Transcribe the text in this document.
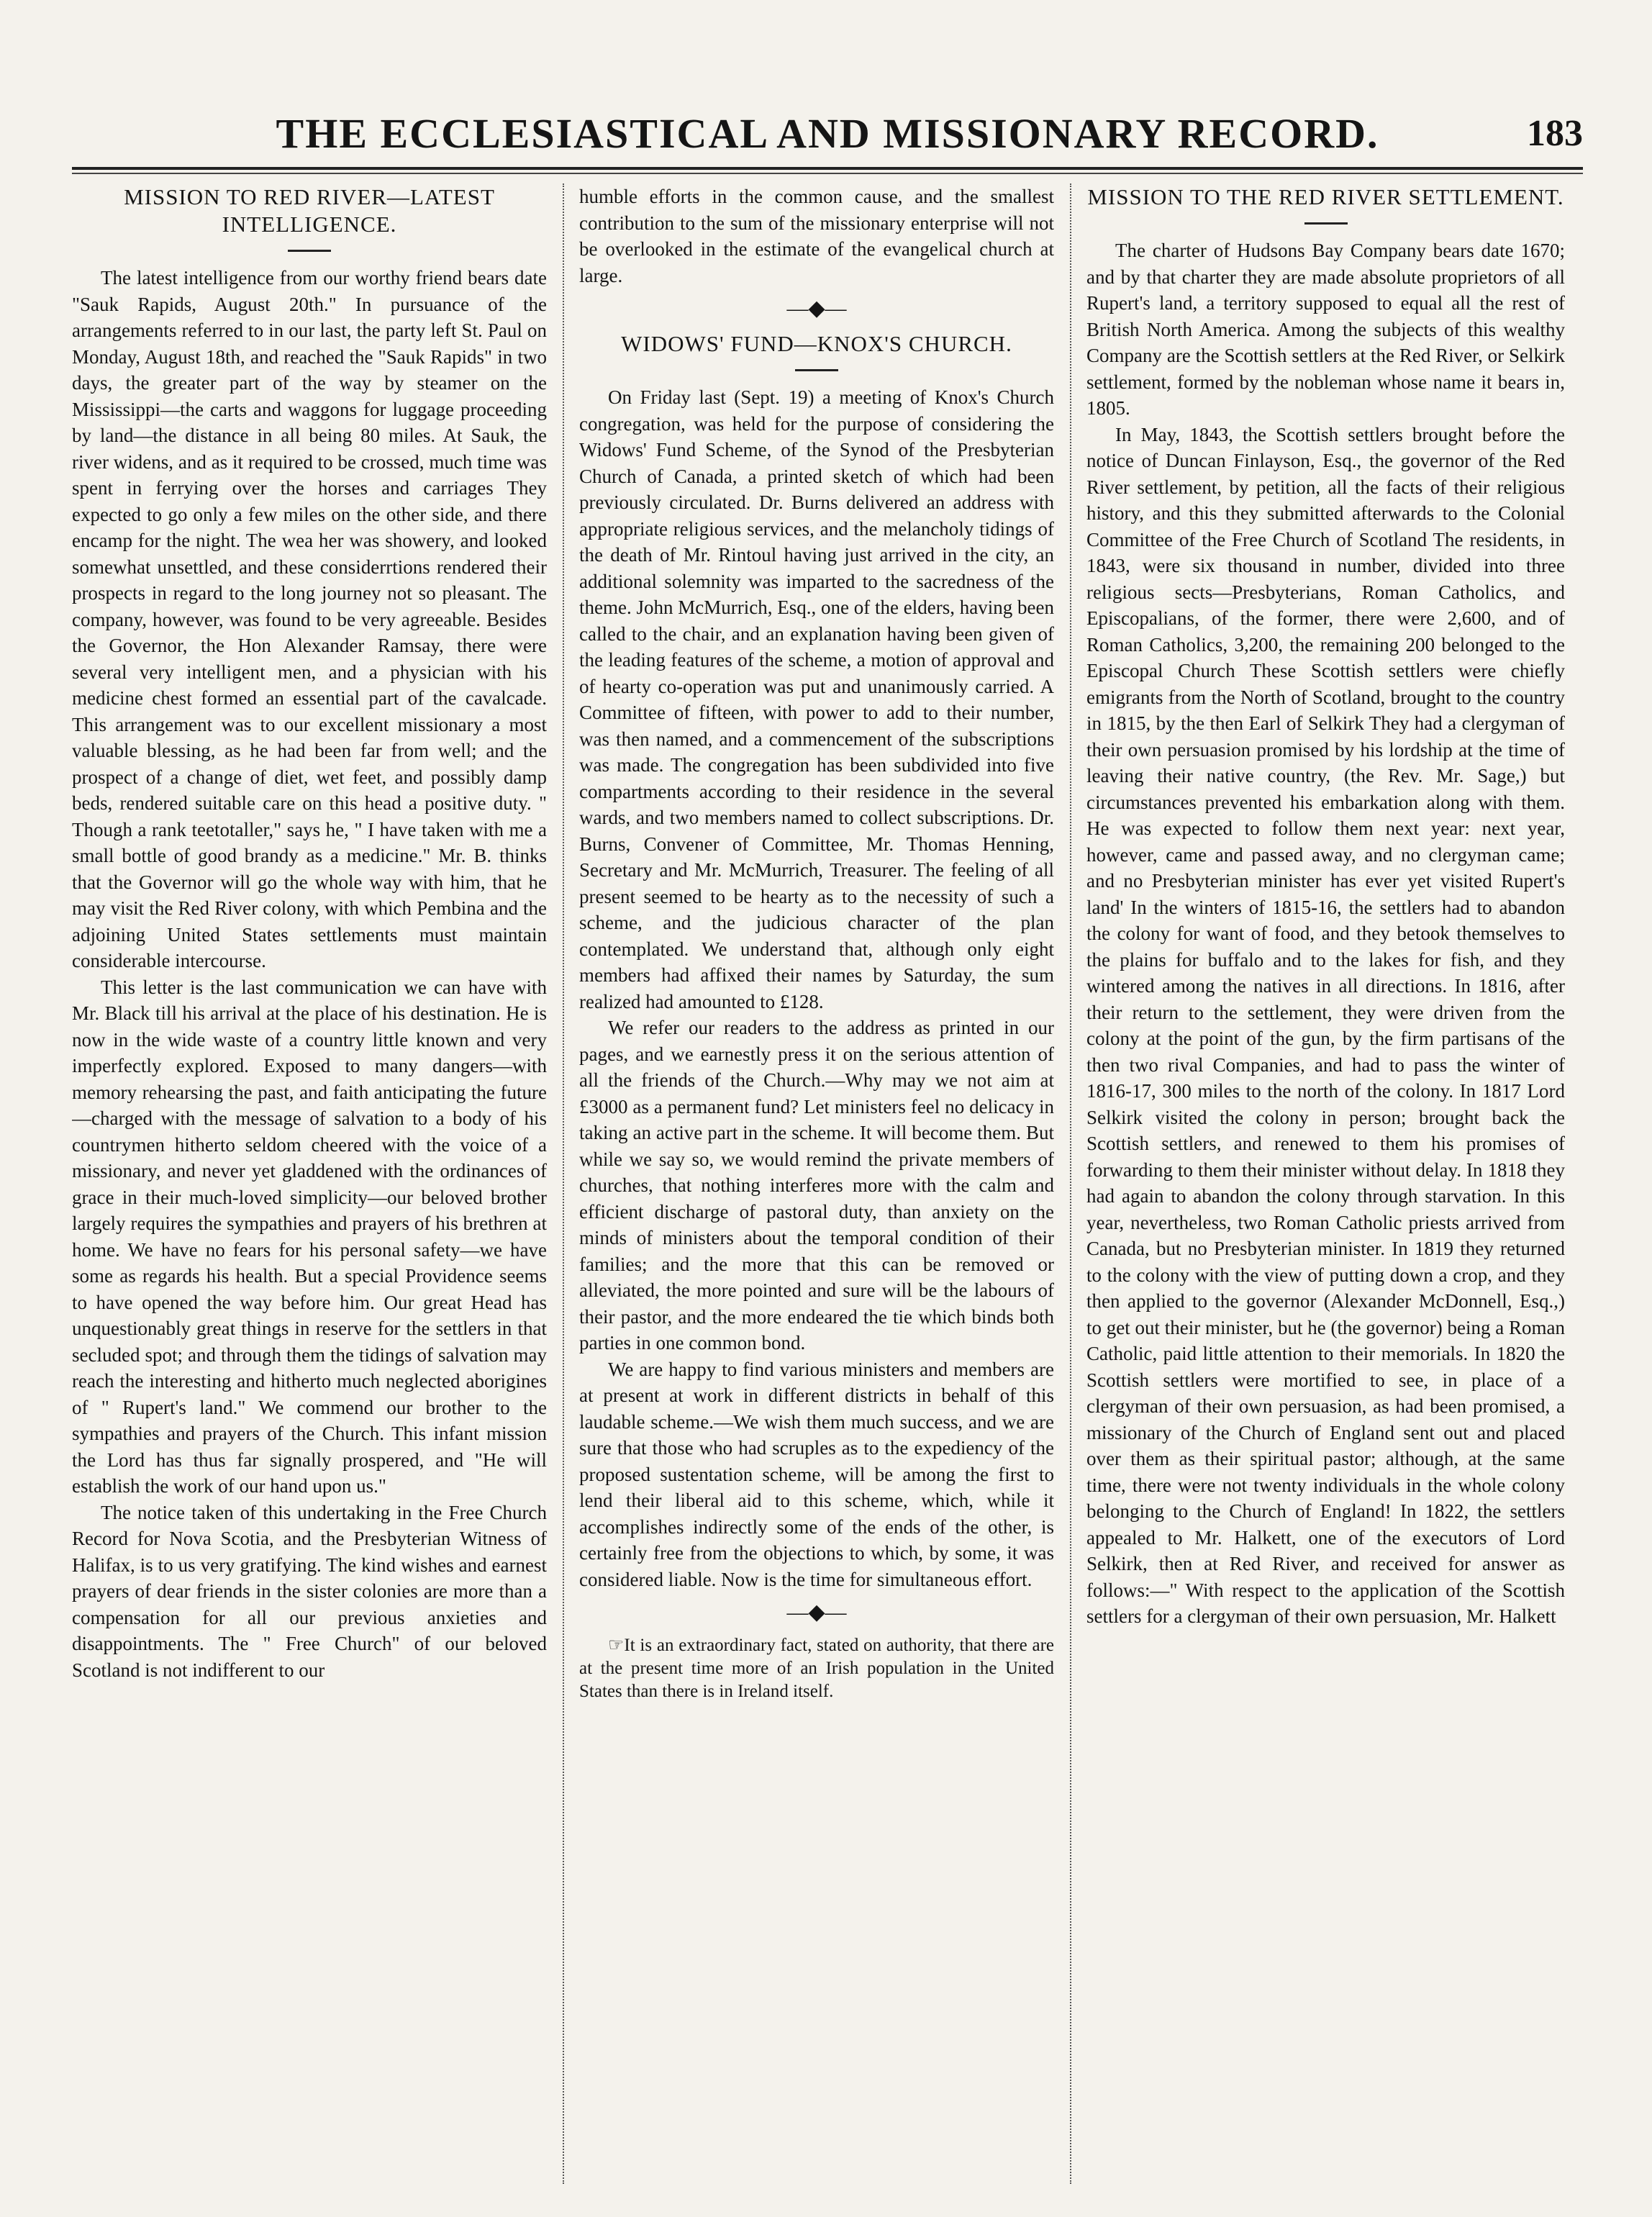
THE ECCLESIASTICAL AND MISSIONARY RECORD.	183
MISSION TO RED RIVER—LATEST INTELLIGENCE.

The latest intelligence from our worthy friend bears date "Sauk Rapids, August 20th." In pursuance of the arrangements referred to in our last, the party left St. Paul on Monday, August 18th, and reached the "Sauk Rapids" in two days, the greater part of the way by steamer on the Mississippi—the carts and waggons for luggage proceeding by land—the distance in all being 80 miles. At Sauk, the river widens, and as it required to be crossed, much time was spent in ferrying over the horses and carriages They expected to go only a few miles on the other side, and there encamp for the night. The wea her was showery, and looked somewhat unsettled, and these considerrtions rendered their prospects in regard to the long journey not so pleasant. The company, however, was found to be very agreeable. Besides the Governor, the Hon Alexander Ramsay, there were several very intelligent men, and a physician with his medicine chest formed an essential part of the cavalcade. This arrangement was to our excellent missionary a most valuable blessing, as he had been far from well; and the prospect of a change of diet, wet feet, and possibly damp beds, rendered suitable care on this head a positive duty. " Though a rank teetotaller," says he, " I have taken with me a small bottle of good brandy as a medicine." Mr. B. thinks that the Governor will go the whole way with him, that he may visit the Red River colony, with which Pembina and the adjoining United States settlements must maintain considerable intercourse.

This letter is the last communication we can have with Mr. Black till his arrival at the place of his destination. He is now in the wide waste of a country little known and very imperfectly explored. Exposed to many dangers—with memory rehearsing the past, and faith anticipating the future—charged with the message of salvation to a body of his countrymen hitherto seldom cheered with the voice of a missionary, and never yet gladdened with the ordinances of grace in their much-loved simplicity—our beloved brother largely requires the sympathies and prayers of his brethren at home. We have no fears for his personal safety—we have some as regards his health. But a special Providence seems to have opened the way before him. Our great Head has unquestionably great things in reserve for the settlers in that secluded spot; and through them the tidings of salvation may reach the interesting and hitherto much neglected aborigines of " Rupert's land." We commend our brother to the sympathies and prayers of the Church. This infant mission the Lord has thus far signally prospered, and "He will establish the work of our hand upon us."

The notice taken of this undertaking in the Free Church Record for Nova Scotia, and the Presbyterian Witness of Halifax, is to us very gratifying. The kind wishes and earnest prayers of dear friends in the sister colonies are more than a compensation for all our previous anxieties and disappointments. The " Free Church" of our beloved Scotland is not indifferent to our

humble efforts in the common cause, and the smallest contribution to the sum of the missionary enterprise will not be overlooked in the estimate of the evangelical church at large.

—◆—
WIDOWS' FUND—KNOX'S CHURCH.

On Friday last (Sept. 19) a meeting of Knox's Church congregation, was held for the purpose of considering the Widows' Fund Scheme, of the Synod of the Presbyterian Church of Canada, a printed sketch of which had been previously circulated. Dr. Burns delivered an address with appropriate religious services, and the melancholy tidings of the death of Mr. Rintoul having just arrived in the city, an additional solemnity was imparted to the sacredness of the theme. John McMurrich, Esq., one of the elders, having been called to the chair, and an explanation having been given of the leading features of the scheme, a motion of approval and of hearty co-operation was put and unanimously carried. A Committee of fifteen, with power to add to their number, was then named, and a commencement of the subscriptions was made. The congregation has been subdivided into five compartments according to their residence in the several wards, and two members named to collect subscriptions. Dr. Burns, Convener of Committee, Mr. Thomas Henning, Secretary and Mr. McMurrich, Treasurer. The feeling of all present seemed to be hearty as to the necessity of such a scheme, and the judicious character of the plan contemplated. We understand that, although only eight members had affixed their names by Saturday, the sum realized had amounted to £128.

We refer our readers to the address as printed in our pages, and we earnestly press it on the serious attention of all the friends of the Church.—Why may we not aim at £3000 as a permanent fund? Let ministers feel no delicacy in taking an active part in the scheme. It will become them. But while we say so, we would remind the private members of churches, that nothing interferes more with the calm and efficient discharge of pastoral duty, than anxiety on the minds of ministers about the temporal condition of their families; and the more that this can be removed or alleviated, the more pointed and sure will be the labours of their pastor, and the more endeared the tie which binds both parties in one common bond.

We are happy to find various ministers and members are at present at work in different districts in behalf of this laudable scheme.—We wish them much success, and we are sure that those who had scruples as to the expediency of the proposed sustentation scheme, will be among the first to lend their liberal aid to this scheme, which, while it accomplishes indirectly some of the ends of the other, is certainly free from the objections to which, by some, it was considered liable. Now is the time for simultaneous effort.

—◆—

☞It is an extraordinary fact, stated on authority, that there are at the present time more of an Irish population in the United States than there is in Ireland itself.

MISSION TO THE RED RIVER SETTLEMENT.

The charter of Hudsons Bay Company bears date 1670; and by that charter they are made absolute proprietors of all Rupert's land, a territory supposed to equal all the rest of British North America. Among the subjects of this wealthy Company are the Scottish settlers at the Red River, or Selkirk settlement, formed by the nobleman whose name it bears in, 1805.

In May, 1843, the Scottish settlers brought before the notice of Duncan Finlayson, Esq., the governor of the Red River settlement, by petition, all the facts of their religious history, and this they submitted afterwards to the Colonial Committee of the Free Church of Scotland The residents, in 1843, were six thousand in number, divided into three religious sects—Presbyterians, Roman Catholics, and Episcopalians, of the former, there were 2,600, and of Roman Catholics, 3,200, the remaining 200 belonged to the Episcopal Church These Scottish settlers were chiefly emigrants from the North of Scotland, brought to the country in 1815, by the then Earl of Selkirk They had a clergyman of their own persuasion promised by his lordship at the time of leaving their native country, (the Rev. Mr. Sage,) but circumstances prevented his embarkation along with them. He was expected to follow them next year: next year, however, came and passed away, and no clergyman came; and no Presbyterian minister has ever yet visited Rupert's land' In the winters of 1815-16, the settlers had to abandon the colony for want of food, and they betook themselves to the plains for buffalo and to the lakes for fish, and they wintered among the natives in all directions. In 1816, after their return to the settlement, they were driven from the colony at the point of the gun, by the firm partisans of the then two rival Companies, and had to pass the winter of 1816-17, 300 miles to the north of the colony. In 1817 Lord Selkirk visited the colony in person; brought back the Scottish settlers, and renewed to them his promises of forwarding to them their minister without delay. In 1818 they had again to abandon the colony through starvation. In this year, nevertheless, two Roman Catholic priests arrived from Canada, but no Presbyterian minister. In 1819 they returned to the colony with the view of putting down a crop, and they then applied to the governor (Alexander McDonnell, Esq.,) to get out their minister, but he (the governor) being a Roman Catholic, paid little attention to their memorials. In 1820 the Scottish settlers were mortified to see, in place of a clergyman of their own persuasion, as had been promised, a missionary of the Church of England sent out and placed over them as their spiritual pastor; although, at the same time, there were not twenty individuals in the whole colony belonging to the Church of England! In 1822, the settlers appealed to Mr. Halkett, one of the executors of Lord Selkirk, then at Red River, and received for answer as follows:—" With respect to the application of the Scottish settlers for a clergyman of their own persuasion, Mr. Halkett
